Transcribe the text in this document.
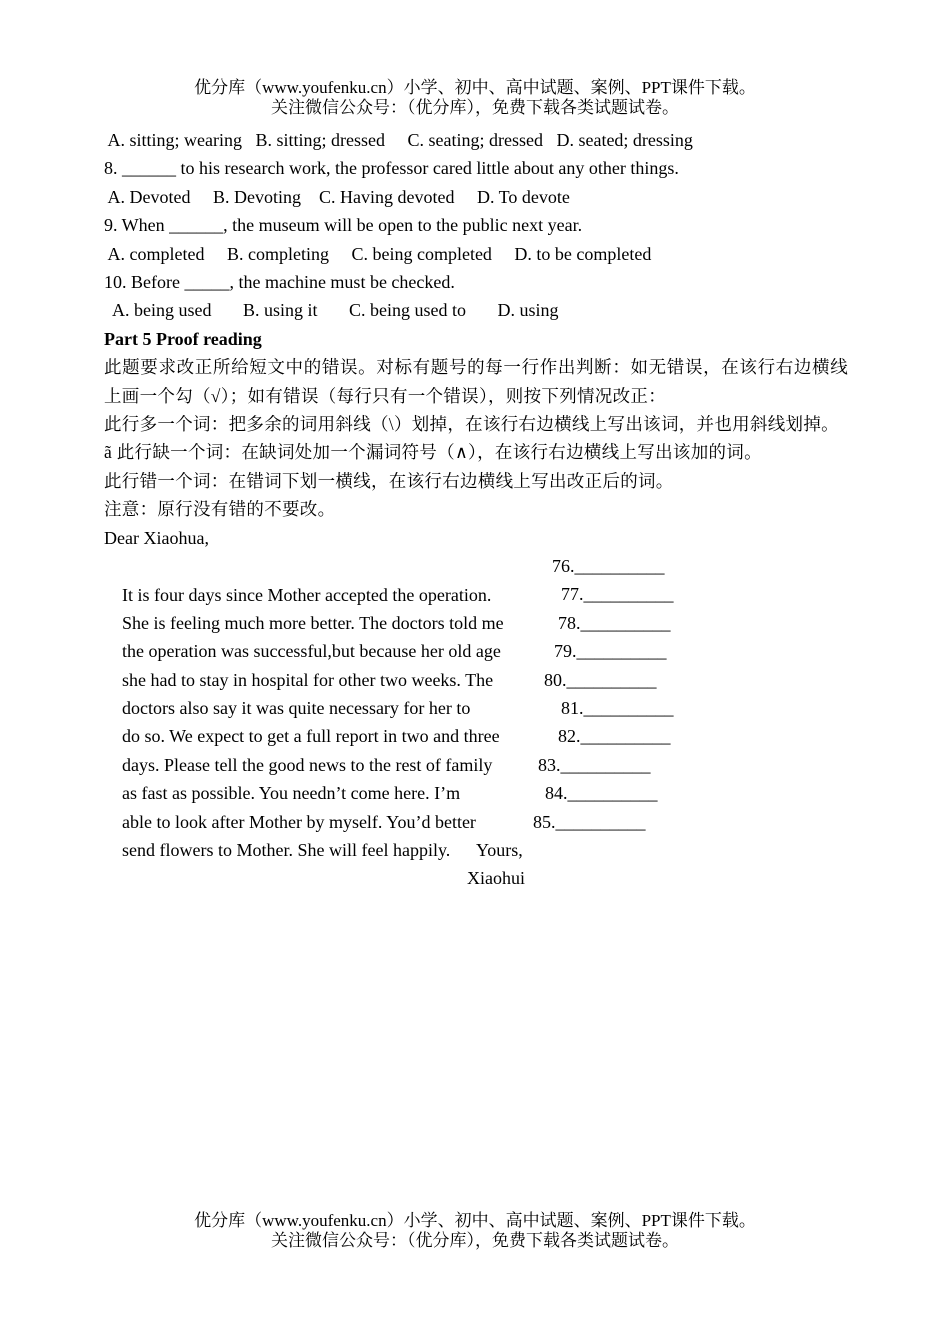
优分库（www.youfenku.cn）小学、初中、高中试题、案例、PPT课件下载。
关注微信公众号：（优分库），免费下载各类试题试卷。
A. sitting; wearing   B. sitting; dressed     C. seating; dressed   D. seated; dressing
8. ______ to his research work, the professor cared little about any other things.
A. Devoted     B. Devoting    C. Having devoted     D. To devote
9. When ______, the museum will be open to the public next year.
A. completed     B. completing     C. being completed     D. to be completed
10. Before _____, the machine must be checked.
A. being used       B. using it       C. being used to       D. using
Part 5 Proof reading
此题要求改正所给短文中的错误。对标有题号的每一行作出判断：如无错误，在该行右边横线上画一个勾（√）；如有错误（每行只有一个错误），则按下列情况改正：
此行多一个词：把多余的词用斜线（\）划掉，在该行右边横线上写出该词，并也用斜线划掉。
ã 此行缺一个词：在缺词处加一个漏词符号（∧），在该行右边横线上写出该加的词。
此行错一个词：在错词下划一横线，在该行右边横线上写出改正后的词。
注意：原行没有错的不要改。
Dear Xiaohua,

It is four days since Mother accepted the operation.

76.__________

She is feeling much more better. The doctors told me

77.__________

the operation was successful,but because her old age

78.__________

she had to stay in hospital for other two weeks. The

79.__________

doctors also say it was quite necessary for her to

80.__________

do so. We expect to get a full report in two and three

81.__________

days. Please tell the good news to the rest of family

82.__________

as fast as possible. You needn’t come here. I’m

83.__________

able to look after Mother by myself. You’d better

84.__________

send flowers to Mother. She will feel happily.

85.__________

Yours,
Xiaohui
优分库（www.youfenku.cn）小学、初中、高中试题、案例、PPT课件下载。
关注微信公众号：（优分库），免费下载各类试题试卷。
